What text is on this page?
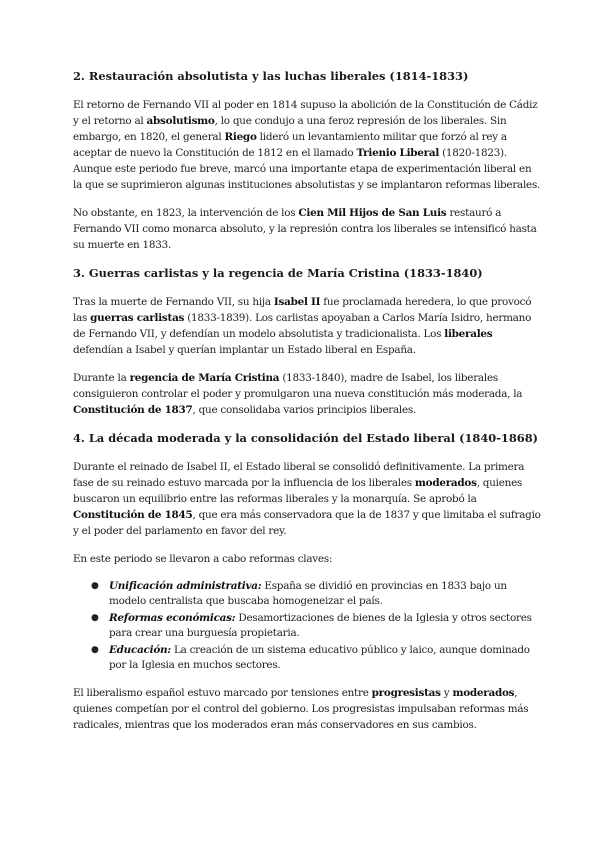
2. Restauración absolutista y las luchas liberales (1814-1833)

El retorno de Fernando VII al poder en 1814 supuso la abolición de la Constitución de Cádiz y el retorno al absolutismo, lo que condujo a una feroz represión de los liberales. Sin embargo, en 1820, el general Riego lideró un levantamiento militar que forzó al rey a aceptar de nuevo la Constitución de 1812 en el llamado Trienio Liberal (1820-1823). Aunque este periodo fue breve, marcó una importante etapa de experimentación liberal en la que se suprimieron algunas instituciones absolutistas y se implantaron reformas liberales.

No obstante, en 1823, la intervención de los Cien Mil Hijos de San Luis restauró a Fernando VII como monarca absoluto, y la represión contra los liberales se intensificó hasta su muerte en 1833.

3. Guerras carlistas y la regencia de María Cristina (1833-1840)

Tras la muerte de Fernando VII, su hija Isabel II fue proclamada heredera, lo que provocó las guerras carlistas (1833-1839). Los carlistas apoyaban a Carlos María Isidro, hermano de Fernando VII, y defendían un modelo absolutista y tradicionalista. Los liberales defendían a Isabel y querían implantar un Estado liberal en España.

Durante la regencia de María Cristina (1833-1840), madre de Isabel, los liberales consiguieron controlar el poder y promulgaron una nueva constitución más moderada, la Constitución de 1837, que consolidaba varios principios liberales.

4. La década moderada y la consolidación del Estado liberal (1840-1868)

Durante el reinado de Isabel II, el Estado liberal se consolidó definitivamente. La primera fase de su reinado estuvo marcada por la influencia de los liberales moderados, quienes buscaron un equilibrio entre las reformas liberales y la monarquía. Se aprobó la Constitución de 1845, que era más conservadora que la de 1837 y que limitaba el sufragio y el poder del parlamento en favor del rey.

En este periodo se llevaron a cabo reformas claves:

● Unificación administrativa: España se dividió en provincias en 1833 bajo un modelo centralista que buscaba homogeneizar el país.
● Reformas económicas: Desamortizaciones de bienes de la Iglesia y otros sectores para crear una burguesía propietaria.
● Educación: La creación de un sistema educativo público y laico, aunque dominado por la Iglesia en muchos sectores.

El liberalismo español estuvo marcado por tensiones entre progresistas y moderados, quienes competían por el control del gobierno. Los progresistas impulsaban reformas más radicales, mientras que los moderados eran más conservadores en sus cambios.
